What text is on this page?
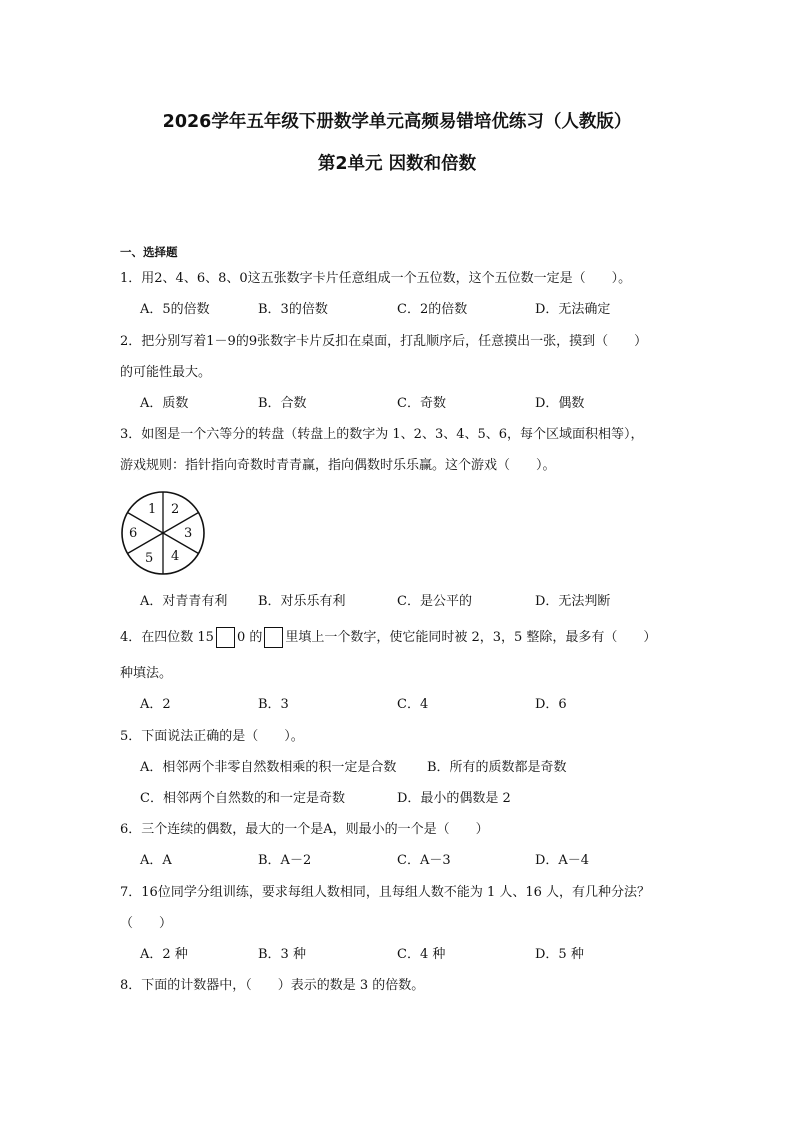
2026学年五年级下册数学单元高频易错培优练习（人教版）
第2单元 因数和倍数
一、选择题
1．用2、4、6、8、0这五张数字卡片任意组成一个五位数，这个五位数一定是（　　）。
A．5的倍数	B．3的倍数	C．2的倍数	D．无法确定
2．把分别写着1－9的9张数字卡片反扣在桌面，打乱顺序后，任意摸出一张，摸到（　　）
的可能性最大。
A．质数	B．合数	C．奇数	D．偶数
3．如图是一个六等分的转盘（转盘上的数字为 1、2、3、4、5、6，每个区域面积相等），
游戏规则：指针指向奇数时青青赢，指向偶数时乐乐赢。这个游戏（　　）。
1 2
3
4
5
6
A．对青青有利 B．对乐乐有利	C．是公平的	D．无法判断
4．在四位数 15 0 的 里填上一个数字，使它能同时被 2，3，5 整除，最多有（　　）
种填法。
A．2	B．3	C．4	D．6
5．下面说法正确的是（　　）。
A．相邻两个非零自然数相乘的积一定是合数 B．所有的质数都是奇数
C．相邻两个自然数的和一定是奇数	D．最小的偶数是 2
6．三个连续的偶数，最大的一个是A，则最小的一个是（　　）
A．A	B．A－2	C．A－3	D．A－4
7．16位同学分组训练，要求每组人数相同，且每组人数不能为 1 人、16 人，有几种分法？
（　　）
A．2 种	B．3 种	C．4 种	D．5 种
8．下面的计数器中，（　　）表示的数是 3 的倍数。
